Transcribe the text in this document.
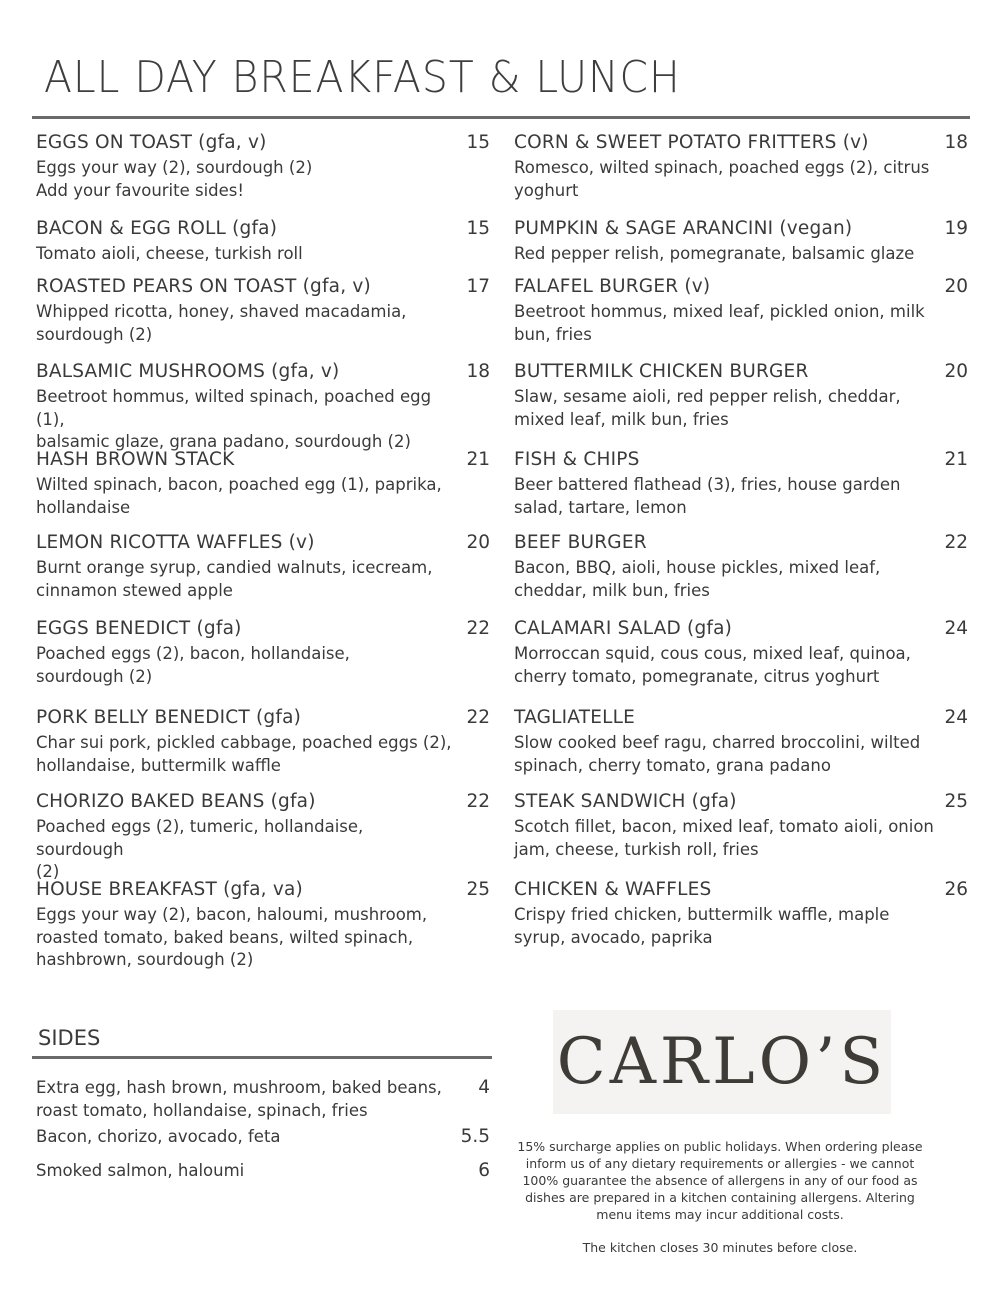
ALL DAY BREAKFAST & LUNCH
EGGS ON TOAST (gfa, v)	15
Eggs your way (2), sourdough (2)
Add your favourite sides!
BACON & EGG ROLL (gfa)	15
Tomato aioli, cheese, turkish roll
ROASTED PEARS ON TOAST (gfa, v)	17
Whipped ricotta, honey, shaved macadamia,
sourdough (2)
BALSAMIC MUSHROOMS (gfa, v)	18
Beetroot hommus, wilted spinach, poached egg (1),
balsamic glaze, grana padano, sourdough (2)
HASH BROWN STACK	21
Wilted spinach, bacon, poached egg (1), paprika,
hollandaise
LEMON RICOTTA WAFFLES (v)	20
Burnt orange syrup, candied walnuts, icecream,
cinnamon stewed apple
EGGS BENEDICT (gfa)	22
Poached eggs (2), bacon, hollandaise,
sourdough (2)
PORK BELLY BENEDICT (gfa)	22
Char sui pork, pickled cabbage, poached eggs (2),
hollandaise, buttermilk waffle
CHORIZO BAKED BEANS (gfa)	22
Poached eggs (2), tumeric, hollandaise, sourdough
(2)
HOUSE BREAKFAST (gfa, va)	25
Eggs your way (2), bacon, haloumi, mushroom,
roasted tomato, baked beans, wilted spinach,
hashbrown, sourdough (2)
CORN & SWEET POTATO FRITTERS (v)	18
Romesco, wilted spinach, poached eggs (2), citrus
yoghurt
PUMPKIN & SAGE ARANCINI (vegan)	19
Red pepper relish, pomegranate, balsamic glaze
FALAFEL BURGER (v)	20
Beetroot hommus, mixed leaf, pickled onion, milk
bun, fries
BUTTERMILK CHICKEN BURGER	20
Slaw, sesame aioli, red pepper relish, cheddar,
mixed leaf, milk bun, fries
FISH & CHIPS	21
Beer battered flathead (3), fries, house garden
salad, tartare, lemon
BEEF BURGER	22
Bacon, BBQ, aioli, house pickles, mixed leaf,
cheddar, milk bun, fries
CALAMARI SALAD (gfa)	24
Morroccan squid, cous cous, mixed leaf, quinoa,
cherry tomato, pomegranate, citrus yoghurt
TAGLIATELLE	24
Slow cooked beef ragu, charred broccolini, wilted
spinach, cherry tomato, grana padano
STEAK SANDWICH (gfa)	25
Scotch fillet, bacon, mixed leaf, tomato aioli, onion
jam, cheese, turkish roll, fries
CHICKEN & WAFFLES	26
Crispy fried chicken, buttermilk waffle, maple
syrup, avocado, paprika
SIDES
Extra egg, hash brown, mushroom, baked beans,
roast tomato, hollandaise, spinach, fries
4
Bacon, chorizo, avocado, feta	5.5
Smoked salmon, haloumi	6
CARLO’S
15% surcharge applies on public holidays. When ordering please inform us of any dietary requirements or allergies - we cannot 100% guarantee the absence of allergens in any of our food as dishes are prepared in a kitchen containing allergens. Altering menu items may incur additional costs.
The kitchen closes 30 minutes before close.
